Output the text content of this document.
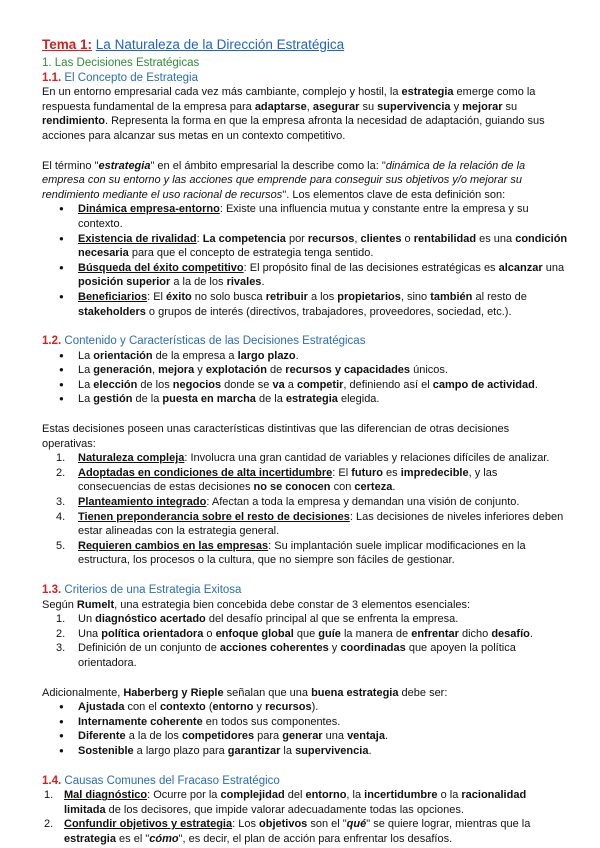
Tema 1: La Naturaleza de la Dirección Estratégica
1. Las Decisiones Estratégicas
1.1. El Concepto de Estrategia

En un entorno empresarial cada vez más cambiante, complejo y hostil, la estrategia emerge como la respuesta fundamental de la empresa para adaptarse, asegurar su supervivencia y mejorar su rendimiento. Representa la forma en que la empresa afronta la necesidad de adaptación, guiando sus acciones para alcanzar sus metas en un contexto competitivo.

El término "estrategia" en el ámbito empresarial la describe como la: "dinámica de la relación de la empresa con su entorno y las acciones que emprende para conseguir sus objetivos y/o mejorar su rendimiento mediante el uso racional de recursos". Los elementos clave de esta definición son:

● Dinámica empresa-entorno: Existe una influencia mutua y constante entre la empresa y su contexto.
● Existencia de rivalidad: La competencia por recursos, clientes o rentabilidad es una condición necesaria para que el concepto de estrategia tenga sentido.
● Búsqueda del éxito competitivo: El propósito final de las decisiones estratégicas es alcanzar una posición superior a la de los rivales.
● Beneficiarios: El éxito no solo busca retribuir a los propietarios, sino también al resto de stakeholders o grupos de interés (directivos, trabajadores, proveedores, sociedad, etc.).
1.2. Contenido y Características de las Decisiones Estratégicas
● La orientación de la empresa a largo plazo.
● La generación, mejora y explotación de recursos y capacidades únicos.
● La elección de los negocios donde se va a competir, definiendo así el campo de actividad.
● La gestión de la puesta en marcha de la estrategia elegida.

Estas decisiones poseen unas características distintivas que las diferencian de otras decisiones operativas:

Naturaleza compleja: Involucra una gran cantidad de variables y relaciones difíciles de analizar.
Adoptadas en condiciones de alta incertidumbre: El futuro es impredecible, y las consecuencias de estas decisiones no se conocen con certeza.
Planteamiento integrado: Afectan a toda la empresa y demandan una visión de conjunto.
Tienen preponderancia sobre el resto de decisiones: Las decisiones de niveles inferiores deben estar alineadas con la estrategia general.
Requieren cambios en las empresas: Su implantación suele implicar modificaciones en la estructura, los procesos o la cultura, que no siempre son fáciles de gestionar.
1.3. Criterios de una Estrategia Exitosa

Según Rumelt, una estrategia bien concebida debe constar de 3 elementos esenciales:

Un diagnóstico acertado del desafío principal al que se enfrenta la empresa.
Una política orientadora o enfoque global que guíe la manera de enfrentar dicho desafío.
Definición de un conjunto de acciones coherentes y coordinadas que apoyen la política orientadora.

Adicionalmente, Haberberg y Rieple señalan que una buena estrategia debe ser:

● Ajustada con el contexto (entorno y recursos).
● Internamente coherente en todos sus componentes.
● Diferente a la de los competidores para generar una ventaja.
● Sostenible a largo plazo para garantizar la supervivencia.
1.4. Causas Comunes del Fracaso Estratégico
Mal diagnóstico: Ocurre por la complejidad del entorno, la incertidumbre o la racionalidad limitada de los decisores, que impide valorar adecuadamente todas las opciones.
Confundir objetivos y estrategia: Los objetivos son el "qué" se quiere lograr, mientras que la estrategia es el "cómo", es decir, el plan de acción para enfrentar los desafíos.
